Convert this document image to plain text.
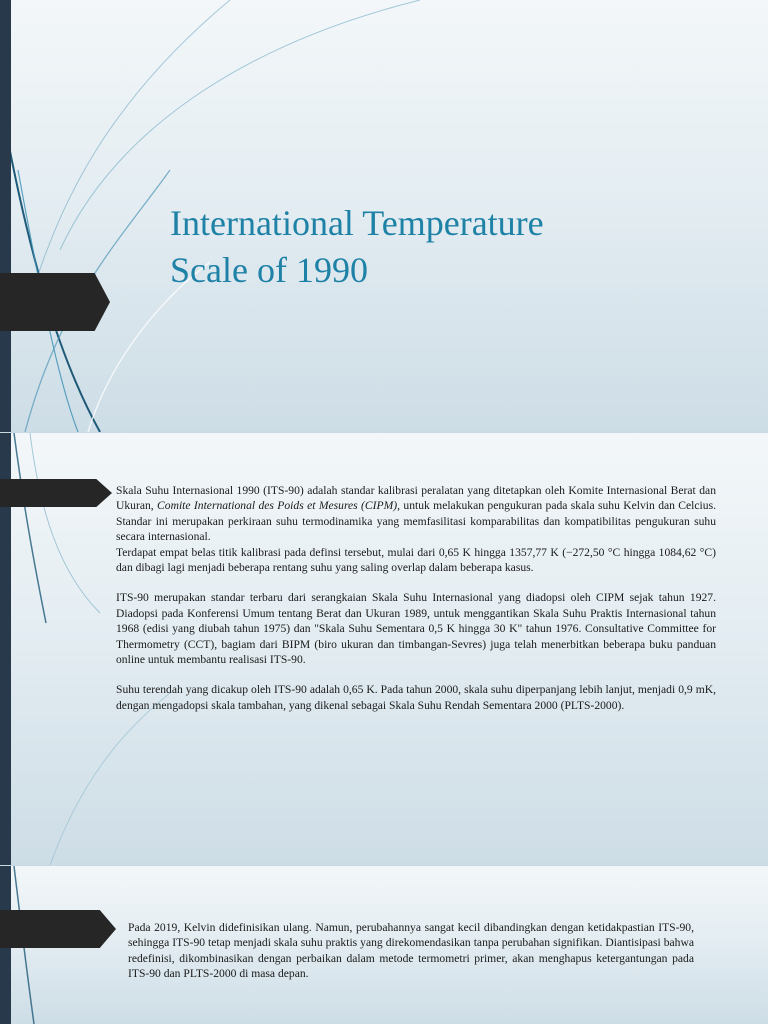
International Temperature
Scale of 1990

Skala Suhu Internasional 1990 (ITS-90) adalah standar kalibrasi peralatan yang ditetapkan oleh Komite Internasional Berat dan Ukuran, Comite International des Poids et Mesures (CIPM), untuk melakukan pengukuran pada skala suhu Kelvin dan Celcius. Standar ini merupakan perkiraan suhu termodinamika yang memfasilitasi komparabilitas dan kompatibilitas pengukuran suhu secara internasional.

Terdapat empat belas titik kalibrasi pada definsi tersebut, mulai dari 0,65 K hingga 1357,77 K (−272,50 °C hingga 1084,62 °C) dan dibagi lagi menjadi beberapa rentang suhu yang saling overlap dalam beberapa kasus.

ITS-90 merupakan standar terbaru dari serangkaian Skala Suhu Internasional yang diadopsi oleh CIPM sejak tahun 1927. Diadopsi pada Konferensi Umum tentang Berat dan Ukuran 1989, untuk menggantikan Skala Suhu Praktis Internasional tahun 1968 (edisi yang diubah tahun 1975) dan "Skala Suhu Sementara 0,5 K hingga 30 K" tahun 1976. Consultative Committee for Thermometry (CCT), bagiam dari BIPM (biro ukuran dan timbangan-Sevres) juga telah menerbitkan beberapa buku panduan online untuk membantu realisasi ITS-90.

Suhu terendah yang dicakup oleh ITS-90 adalah 0,65 K. Pada tahun 2000, skala suhu diperpanjang lebih lanjut, menjadi 0,9 mK, dengan mengadopsi skala tambahan, yang dikenal sebagai Skala Suhu Rendah Sementara 2000 (PLTS-2000).

Pada 2019, Kelvin didefinisikan ulang. Namun, perubahannya sangat kecil dibandingkan dengan ketidakpastian ITS-90, sehingga ITS-90 tetap menjadi skala suhu praktis yang direkomendasikan tanpa perubahan signifikan. Diantisipasi bahwa redefinisi, dikombinasikan dengan perbaikan dalam metode termometri primer, akan menghapus ketergantungan pada ITS-90 dan PLTS-2000 di masa depan.
